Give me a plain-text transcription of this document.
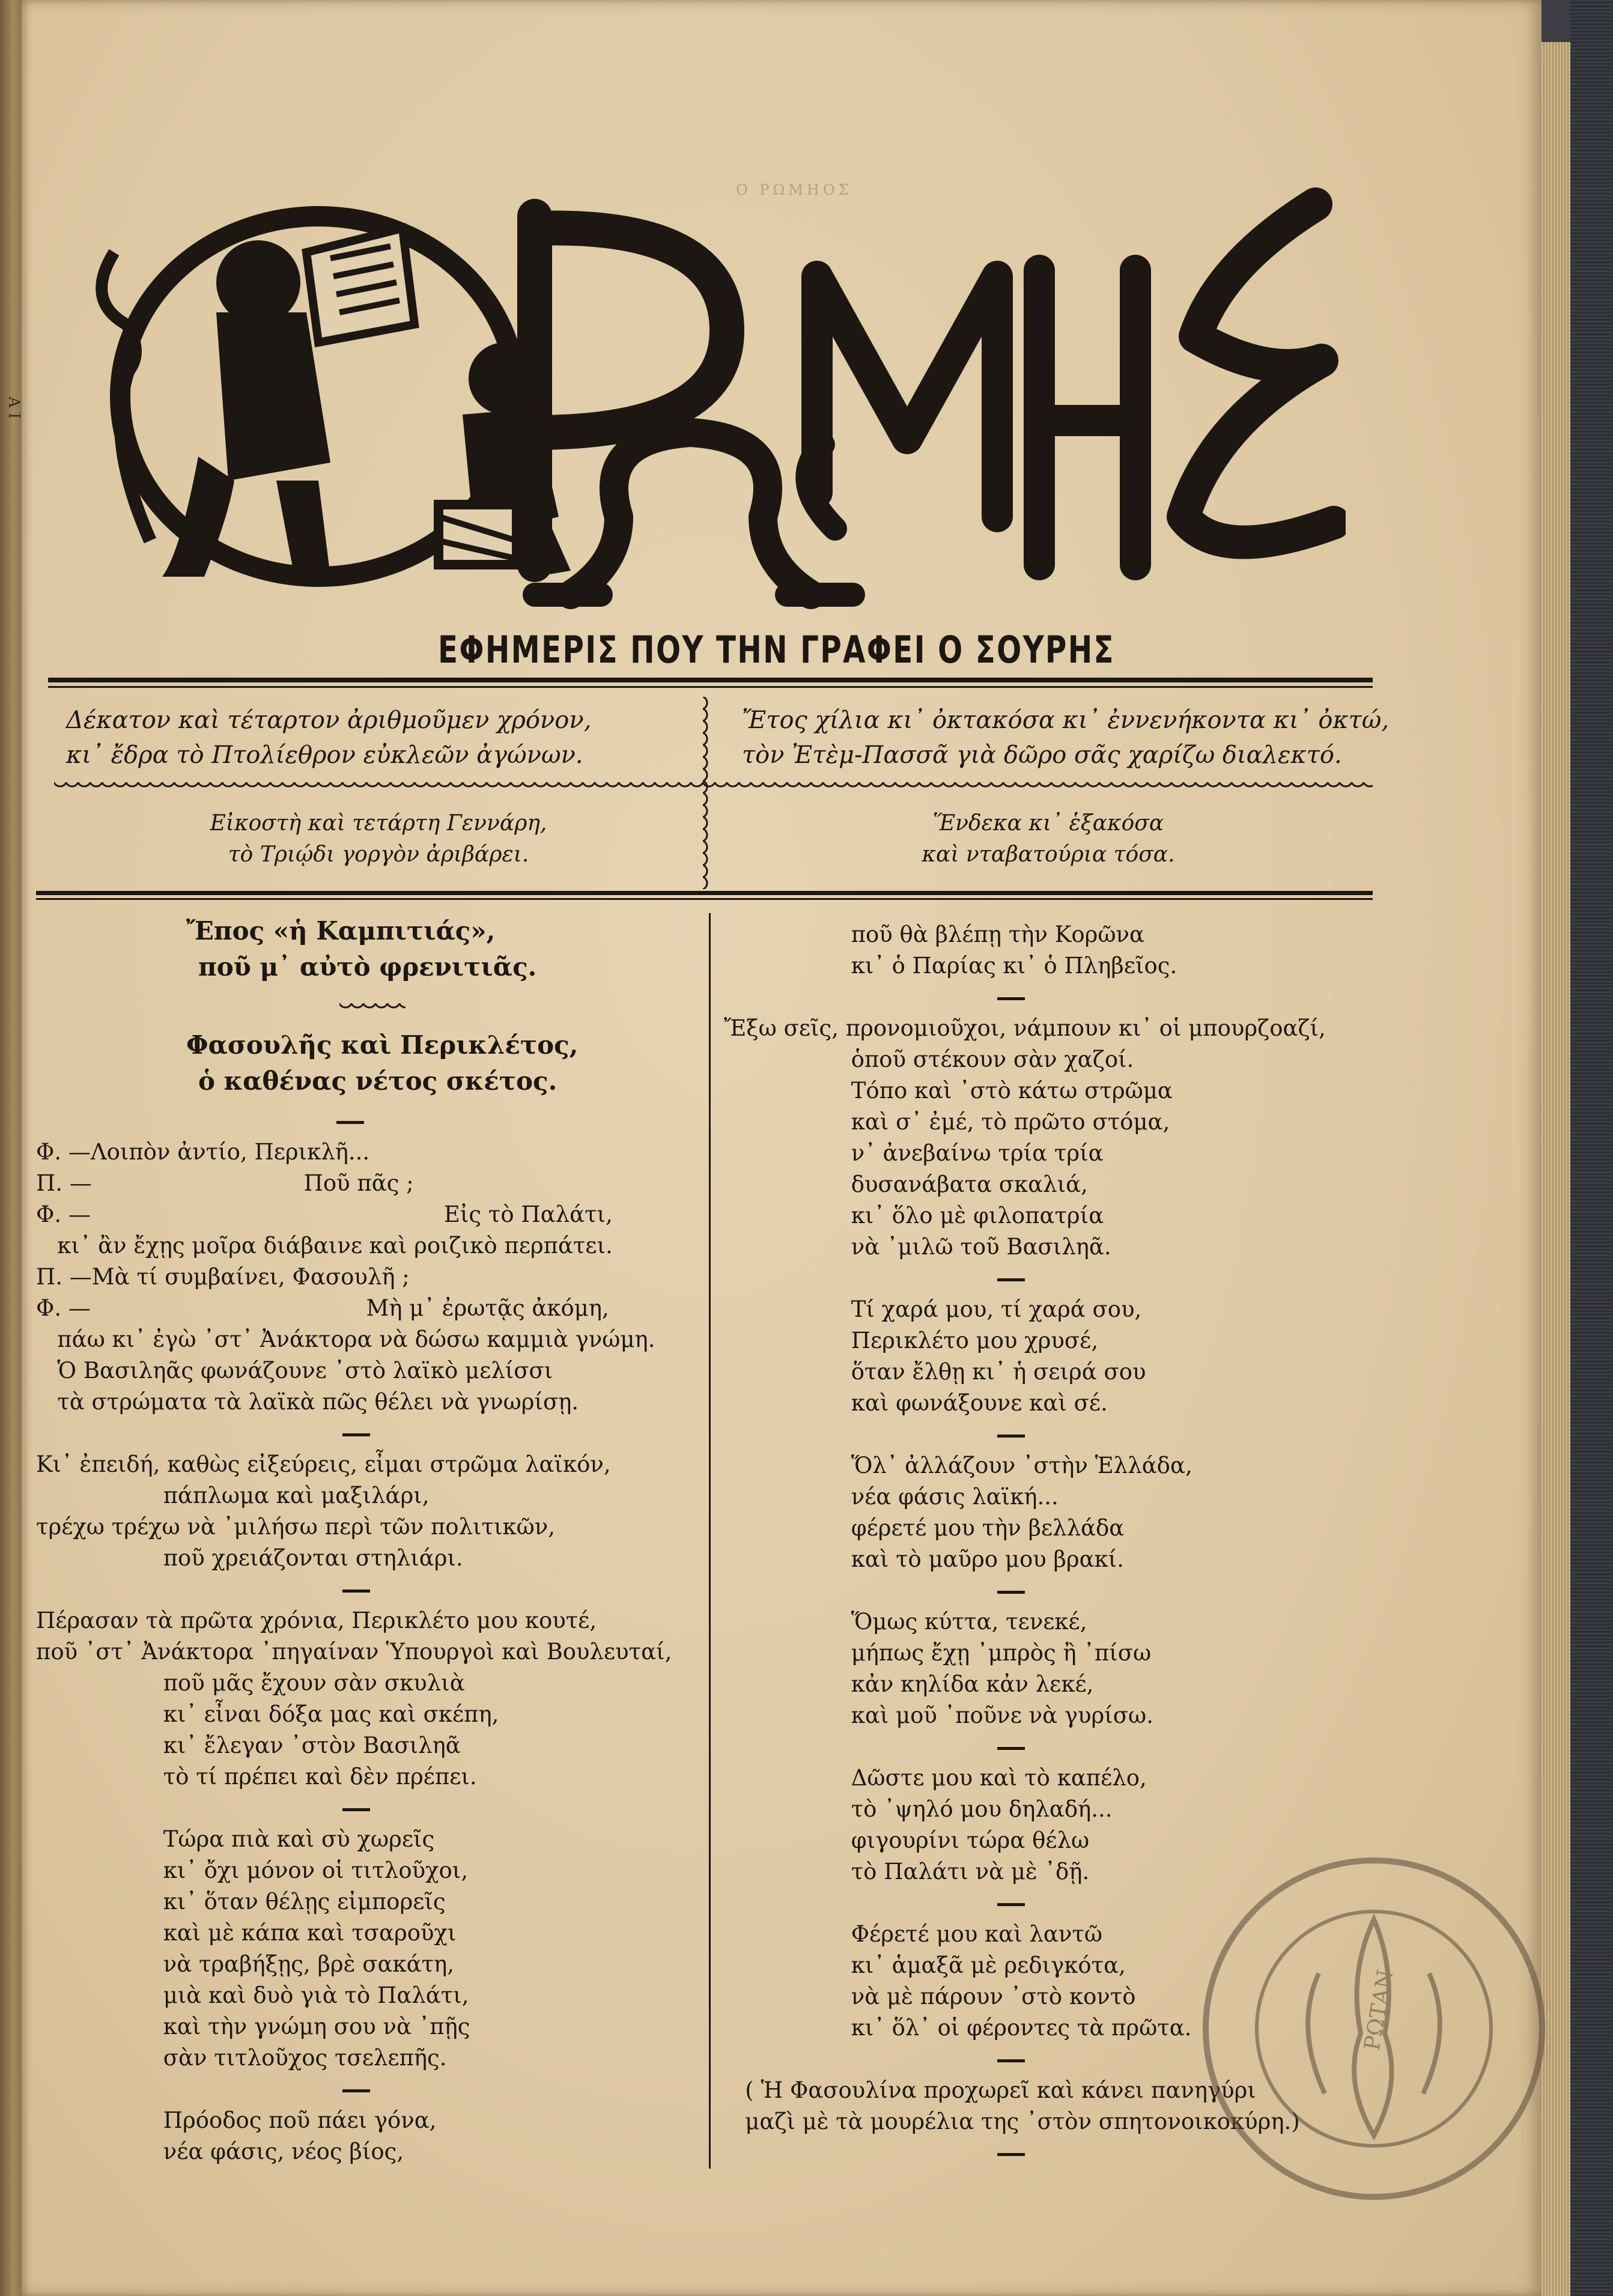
Α Ι
Ο ΡΩΜΗΟΣ
ΕΦΗΜΕΡΙΣ ΠΟΥ ΤΗΝ ΓΡΑΦΕΙ Ο ΣΟΥΡΗΣ
Δέκατον καὶ τέταρτον ἀριθμοῦμεν χρόνον,
κι᾿ ἔδρα τὸ Πτολίεθρον εὐκλεῶν ἀγώνων.
Ἔτος χίλια κι᾿ ὀκτακόσα κι᾿ ἐννενήκοντα κι᾿ ὀκτώ,
τὸν Ἐτὲμ-Πασσᾶ γιὰ δῶρο σᾶς χαρίζω διαλεκτό.
Εἰκοστὴ καὶ τετάρτη Γεννάρη,
τὸ Τριῴδι γοργὸν ἀριβάρει.
Ἕνδεκα κι᾿ ἑξακόσα
καὶ νταβατούρια τόσα.
Ἔπος «ἡ Καμπιτιάς»,
ποῦ μ᾿ αὐτὸ φρενιτιᾶς.
Φασουλῆς καὶ Περικλέτος,
ὁ καθένας νέτος σκέτος.
Φ. —Λοιπὸν ἀντίο, Περικλῆ...
Π. —                              Ποῦ πᾶς ;
Φ. —                                                  Εἰς τὸ Παλάτι,
κι᾿ ἂν ἔχῃς μοῖρα διάβαινε καὶ ροιζικὸ περπάτει.
Π. —Μὰ τί συμβαίνει, Φασουλῆ ;
Φ. —                                       Μὴ μ᾿ ἐρωτᾷς ἀκόμη,
πάω κι᾿ ἐγὼ ᾿στ᾿ Ἀνάκτορα νὰ δώσω καμμιὰ γνώμη.
Ὁ Βασιληᾶς φωνάζουνε ᾿στὸ λαϊκὸ μελίσσι
τὰ στρώματα τὰ λαϊκὰ πῶς θέλει νὰ γνωρίσῃ.
Κι᾿ ἐπειδή, καθὼς εἰξεύρεις, εἶμαι στρῶμα λαϊκόν,
πάπλωμα καὶ μαξιλάρι,
τρέχω τρέχω νὰ ᾿μιλήσω περὶ τῶν πολιτικῶν,
ποῦ χρειάζονται στηλιάρι.
Πέρασαν τὰ πρῶτα χρόνια, Περικλέτο μου κουτέ,
ποῦ ᾿στ᾿ Ἀνάκτορα ᾿πηγαίναν Ὑπουργοὶ καὶ Βουλευταί,
ποῦ μᾶς ἔχουν σὰν σκυλιὰ
κι᾿ εἶναι δόξα μας καὶ σκέπη,
κι᾿ ἔλεγαν ᾿στὸν Βασιληᾶ
τὸ τί πρέπει καὶ δὲν πρέπει.
Τώρα πιὰ καὶ σὺ χωρεῖς
κι᾿ ὄχι μόνον οἱ τιτλοῦχοι,
κι᾿ ὅταν θέλῃς εἰμπορεῖς
καὶ μὲ κάπα καὶ τσαροῦχι
νὰ τραβήξῃς, βρὲ σακάτη,
μιὰ καὶ δυὸ γιὰ τὸ Παλάτι,
καὶ τὴν γνώμη σου νὰ ᾿πῇς
σὰν τιτλοῦχος τσελεπῆς.
Πρόοδος ποῦ πάει γόνα,
νέα φάσις, νέος βίος,
ποῦ θὰ βλέπῃ τὴν Κορῶνα
κι᾿ ὁ Παρίας κι᾿ ὁ Πληβεῖος.
Ἔξω σεῖς, προνομιοῦχοι, νάμπουν κι᾿ οἱ μπουρζοαζί,
ὁποῦ στέκουν σὰν χαζοί.
Τόπο καὶ ᾿στὸ κάτω στρῶμα
καὶ σ᾿ ἐμέ, τὸ πρῶτο στόμα,
ν᾿ ἀνεβαίνω τρία τρία
δυσανάβατα σκαλιά,
κι᾿ ὅλο μὲ φιλοπατρία
νὰ ᾿μιλῶ τοῦ Βασιληᾶ.
Τί χαρά μου, τί χαρά σου,
Περικλέτο μου χρυσέ,
ὅταν ἔλθῃ κι᾿ ἡ σειρά σου
καὶ φωνάξουνε καὶ σέ.
Ὅλ᾿ ἀλλάζουν ᾿στὴν Ἑλλάδα,
νέα φάσις λαϊκή...
φέρετέ μου τὴν βελλάδα
καὶ τὸ μαῦρο μου βρακί.
Ὅμως κύττα, τενεκέ,
μήπως ἔχῃ ᾿μπρὸς ἢ ᾿πίσω
κἀν κηλίδα κἀν λεκέ,
καὶ μοῦ ᾿ποῦνε νὰ γυρίσω.
Δῶστε μου καὶ τὸ καπέλο,
τὸ ᾿ψηλό μου δηλαδή...
φιγουρίνι τώρα θέλω
τὸ Παλάτι νὰ μὲ ᾿δῇ.
Φέρετέ μου καὶ λαντῶ
κι᾿ ἁμαξᾶ μὲ ρεδιγκότα,
νὰ μὲ πάρουν ᾿στὸ κοντὸ
κι᾿ ὅλ᾿ οἱ φέροντες τὰ πρῶτα.
( Ἡ Φασουλίνα προχωρεῖ καὶ κάνει πανηγύρι
μαζὶ μὲ τὰ μουρέλια της ᾿στὸν σπητονοικοκύρη.)
ΡΩΤΑΝ
